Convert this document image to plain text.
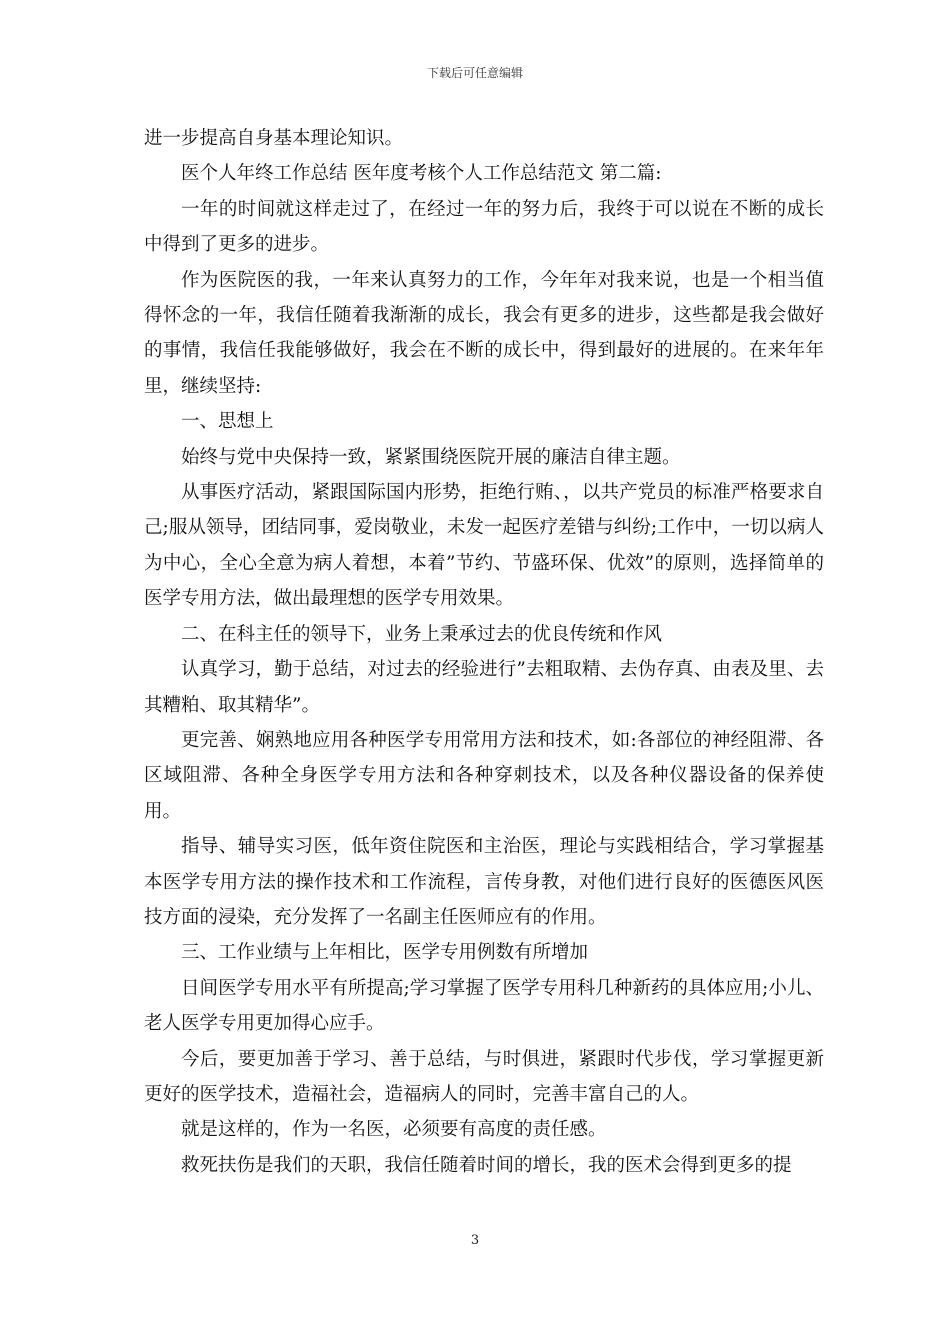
下载后可任意编辑

进一步提高自身基本理论知识。

医个人年终工作总结 医年度考核个人工作总结范文 第二篇:

一年的时间就这样走过了，在经过一年的努力后，我终于可以说在不断的成长中得到了更多的进步。

作为医院医的我，一年来认真努力的工作，今年年对我来说，也是一个相当值得怀念的一年，我信任随着我渐渐的成长，我会有更多的进步，这些都是我会做好的事情，我信任我能够做好，我会在不断的成长中，得到最好的进展的。在来年年里，继续坚持:

一、思想上

始终与党中央保持一致，紧紧围绕医院开展的廉洁自律主题。

从事医疗活动，紧跟国际国内形势，拒绝行贿、，以共产党员的标准严格要求自己;服从领导，团结同事，爱岗敬业，未发一起医疗差错与纠纷;工作中，一切以病人为中心，全心全意为病人着想，本着”节约、节盛环保、优效”的原则，选择简单的医学专用方法，做出最理想的医学专用效果。

二、在科主任的领导下，业务上秉承过去的优良传统和作风

认真学习，勤于总结，对过去的经验进行”去粗取精、去伪存真、由表及里、去其糟粕、取其精华”。

更完善、娴熟地应用各种医学专用常用方法和技术，如:各部位的神经阻滞、各区域阻滞、各种全身医学专用方法和各种穿刺技术，以及各种仪器设备的保养使用。

指导、辅导实习医，低年资住院医和主治医，理论与实践相结合，学习掌握基本医学专用方法的操作技术和工作流程，言传身教，对他们进行良好的医德医风医技方面的浸染，充分发挥了一名副主任医师应有的作用。

三、工作业绩与上年相比，医学专用例数有所增加

日间医学专用水平有所提高;学习掌握了医学专用科几种新药的具体应用;小儿、老人医学专用更加得心应手。

今后，要更加善于学习、善于总结，与时俱进，紧跟时代步伐，学习掌握更新更好的医学技术，造福社会，造福病人的同时，完善丰富自己的人。

就是这样的，作为一名医，必须要有高度的责任感。

救死扶伤是我们的天职，我信任随着时间的增长，我的医术会得到更多的提

3
